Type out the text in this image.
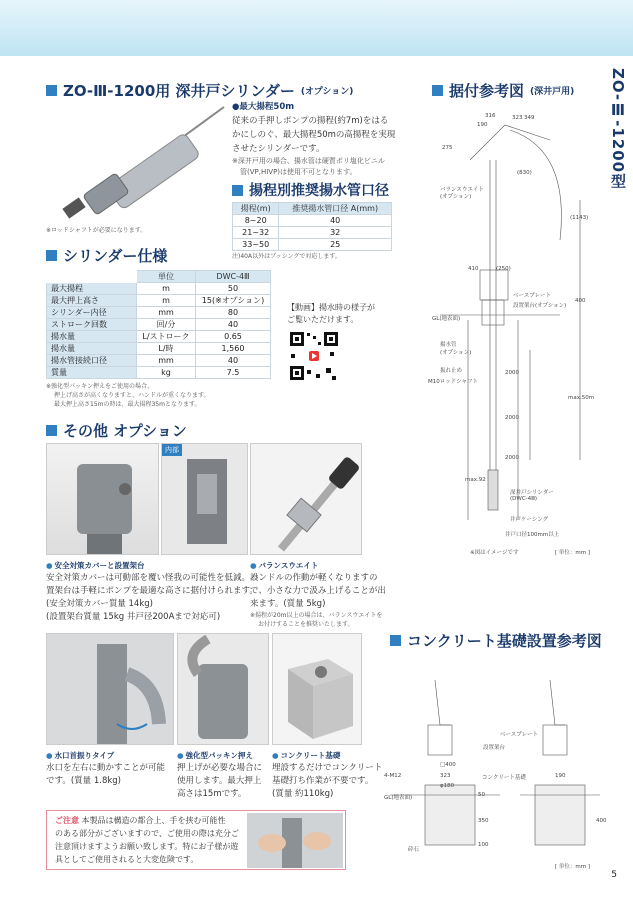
ZO-Ⅲ-1200型
ZO-Ⅲ-1200用 深井戸シリンダー (オプション)
※ロッドシャフトが必要になります。
●最大揚程50m
従来の手押しポンプの揚程(約7m)をはる
かにしのぐ、最大揚程50mの高揚程を実現
させたシリンダーです。
※深井戸用の場合、揚水管は硬質ポリ塩化ビニル
管(VP,HIVP)は使用不可となります。
揚程別推奨揚水管口径
揚程(m)	推奨揚水管口径 A(mm)
8~20	40
21~32	32
33~50	25
注)40A以外はブッシングで対応します。
シリンダー仕様
	単位	DWC-4Ⅲ
最大揚程	m	50
最大押上高さ	m	15(※オプション)
シリンダー内径	mm	80
ストローク回数	回/分	40
揚水量	L/ストローク	0.65
揚水量	L/時	1,560
揚水管接続口径	mm	40
質量	kg	7.5
※強化型パッキン押えをご使用の場合、
押上げ高さが高くなりますと、ハンドルが重くなります。
最大押上高さ15mの時は、最大揚程35mとなります。
【動画】揚水時の様子が
ご覧いただけます。
その他 オプション
内部
● 安全対策カバーと設置架台
安全対策カバーは可動部を覆い怪我の可能性を低減。設
置架台は手軽にポンプを最適な高さに据付けられます。
(安全対策カバー質量 14kg)
(設置架台質量 15kg 井戸径200Aまで対応可)
● バランスウエイト
ハンドルの作動が軽くなりますの
で、小さな力で汲み上げることが出
来ます。(質量 5kg)
※揚程が20m以上の場合は、バランスウエイトを
お付けすることを推奨いたします。
● 水口首振りタイプ
水口を左右に動かすことが可能
です。(質量 1.8kg)
● 強化型パッキン押え
押上げが必要な場合に
使用します。最大押上
高さは15mです。
● コンクリート基礎
埋設するだけでコンクリート
基礎打ち作業が不要です。
(質量 約110kg)
ご注意 本製品は構造の都合上、手を挟む可能性
のある部分がございますので、ご使用の際は充分ご
注意頂けますようお願い致します。特にお子様が遊
具としてご使用されると大変危険です。
据付参考図 (深井戸用)
316
190
323 349
275
(830)
(1143)
410	(250)
400
2000
2000
2000
max.50m
max.92
バランスウエイト
(オプション)
ベースプレート
設置架台(オプション)
GL(地表面)
揚水管
(オプション)
振れ止め
M10ロッドシャフト
深井戸シリンダー
(DWC-4Ⅲ)
井戸ケーシング
井戸口径100mm以上
※図はイメージです	[ 単位：mm ]
コンクリート基礎設置参考図
ベースプレート
設置架台
□400
323	190
φ180
コンクリート基礎
4-M12
GL(地表面)
砕石
50
350
100
400
[ 単位：mm ]
5
